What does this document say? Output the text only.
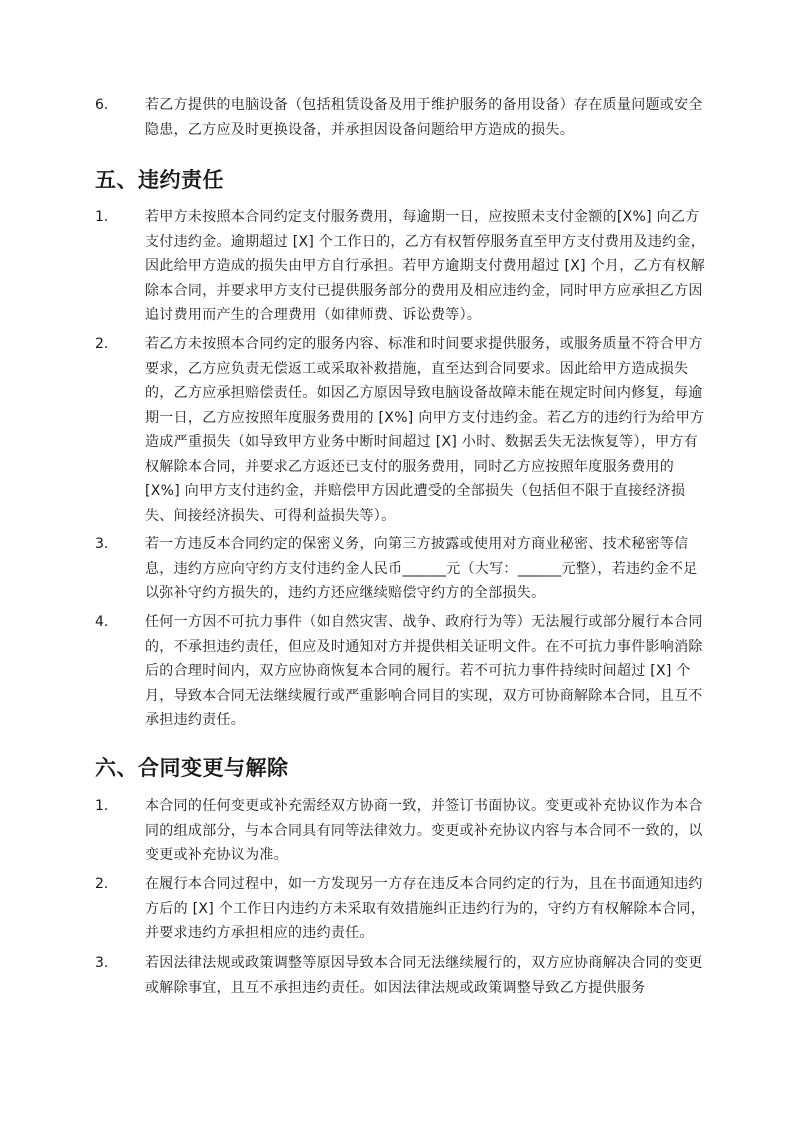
6.	若乙方提供的电脑设备（包括租赁设备及用于维护服务的备用设备）存在质量问题或安全隐患，乙方应及时更换设备，并承担因设备问题给甲方造成的损失。
五、违约责任
1.	若甲方未按照本合同约定支付服务费用，每逾期一日，应按照未支付金额的[X%] 向乙方支付违约金。逾期超过 [X] 个工作日的，乙方有权暂停服务直至甲方支付费用及违约金，因此给甲方造成的损失由甲方自行承担。若甲方逾期支付费用超过 [X] 个月，乙方有权解除本合同，并要求甲方支付已提供服务部分的费用及相应违约金，同时甲方应承担乙方因追讨费用而产生的合理费用（如律师费、诉讼费等）。
2.	若乙方未按照本合同约定的服务内容、标准和时间要求提供服务，或服务质量不符合甲方要求，乙方应负责无偿返工或采取补救措施，直至达到合同要求。因此给甲方造成损失的，乙方应承担赔偿责任。如因乙方原因导致电脑设备故障未能在规定时间内修复，每逾期一日，乙方应按照年度服务费用的 [X%] 向甲方支付违约金。若乙方的违约行为给甲方造成严重损失（如导致甲方业务中断时间超过 [X] 小时、数据丢失无法恢复等），甲方有权解除本合同，并要求乙方返还已支付的服务费用，同时乙方应按照年度服务费用的 [X%] 向甲方支付违约金，并赔偿甲方因此遭受的全部损失（包括但不限于直接经济损失、间接经济损失、可得利益损失等）。
3.	若一方违反本合同约定的保密义务，向第三方披露或使用对方商业秘密、技术秘密等信息，违约方应向守约方支付违约金人民币______元（大写：______元整），若违约金不足以弥补守约方损失的，违约方还应继续赔偿守约方的全部损失。
4.	任何一方因不可抗力事件（如自然灾害、战争、政府行为等）无法履行或部分履行本合同的，不承担违约责任，但应及时通知对方并提供相关证明文件。在不可抗力事件影响消除后的合理时间内，双方应协商恢复本合同的履行。若不可抗力事件持续时间超过 [X] 个月，导致本合同无法继续履行或严重影响合同目的实现，双方可协商解除本合同，且互不承担违约责任。
六、合同变更与解除
1.	本合同的任何变更或补充需经双方协商一致，并签订书面协议。变更或补充协议作为本合同的组成部分，与本合同具有同等法律效力。变更或补充协议内容与本合同不一致的，以变更或补充协议为准。
2.	在履行本合同过程中，如一方发现另一方存在违反本合同约定的行为，且在书面通知违约方后的 [X] 个工作日内违约方未采取有效措施纠正违约行为的，守约方有权解除本合同，并要求违约方承担相应的违约责任。
3.	若因法律法规或政策调整等原因导致本合同无法继续履行的，双方应协商解决合同的变更或解除事宜，且互不承担违约责任。如因法律法规或政策调整导致乙方提供服务
